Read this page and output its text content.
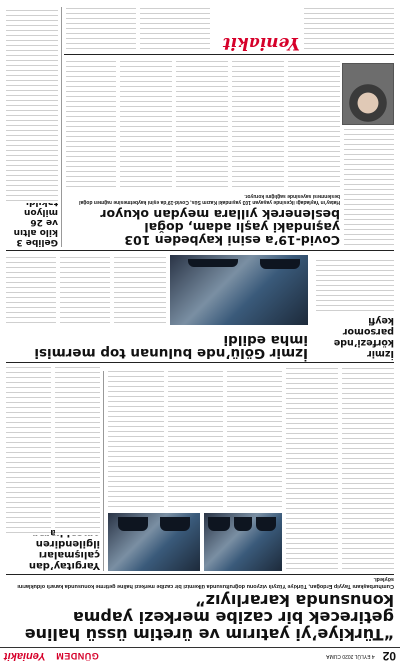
02
4 EYLÜL 2020 CUMA
GÜNDEM
Yeniakit
“Türkiye’yi yatırım ve üretim üssü haline getirecek bir cazibe merkezi yapma konusunda kararlıyız”
Cumhurbaşkanı Tayyip Erdoğan, Türkiye Yüzyılı vizyonu doğrultusunda ülkemizi bir cazibe merkezi haline getirme konusunda kararlı olduklarını söyledi.
Yargıtay’dan çalışmaları ilgilendiren
İzmir körfezi’nde parsomor keyfi
İzmir Gölü’nde bulunan top mermisi imha edildi
Covid-19’a esini kaybeden 103 yaşındaki yaşlı adam, doğal beslenerek yıllara meydan okuyor
Hatay’ın Yayladağı ilçesinde yaşayan 103 yaşındaki Kazım Süs, Covid-19’da eşini kaybetmesine rağmen doğal beslenmesi sayesinde sağlığını koruyor.
Gelibe 3 kilo altın ve 26 milyon
Yeniakit
